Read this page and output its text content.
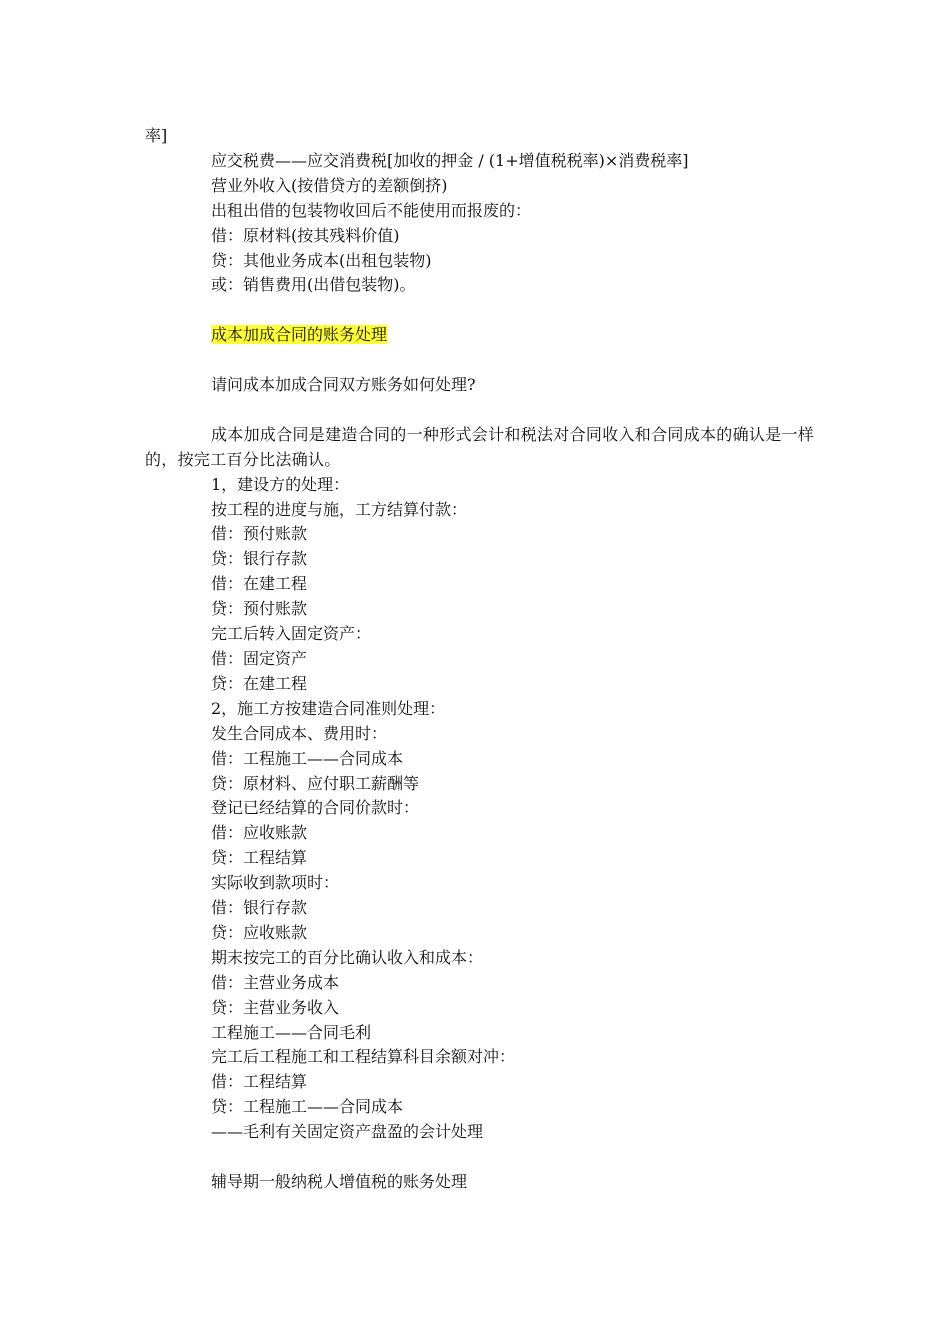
率]
应交税费——应交消费税[加收的押金 / (1+增值税税率)×消费税率]
营业外收入(按借贷方的差额倒挤)
出租出借的包装物收回后不能使用而报废的：
借：原材料(按其残料价值)
贷：其他业务成本(出租包装物)
或：销售费用(出借包装物)。
成本加成合同的账务处理
请问成本加成合同双方账务如何处理?
成本加成合同是建造合同的一种形式会计和税法对合同收入和合同成本的确认是一样的，按完工百分比法确认。
1，建设方的处理：
按工程的进度与施，工方结算付款：
借：预付账款
贷：银行存款
借：在建工程
贷：预付账款
完工后转入固定资产：
借：固定资产
贷：在建工程
2，施工方按建造合同准则处理：
发生合同成本、费用时：
借：工程施工——合同成本
贷：原材料、应付职工薪酬等
登记已经结算的合同价款时：
借：应收账款
贷：工程结算
实际收到款项时：
借：银行存款
贷：应收账款
期末按完工的百分比确认收入和成本：
借：主营业务成本
贷：主营业务收入
工程施工——合同毛利
完工后工程施工和工程结算科目余额对冲：
借：工程结算
贷：工程施工——合同成本
——毛利有关固定资产盘盈的会计处理
辅导期一般纳税人增值税的账务处理
